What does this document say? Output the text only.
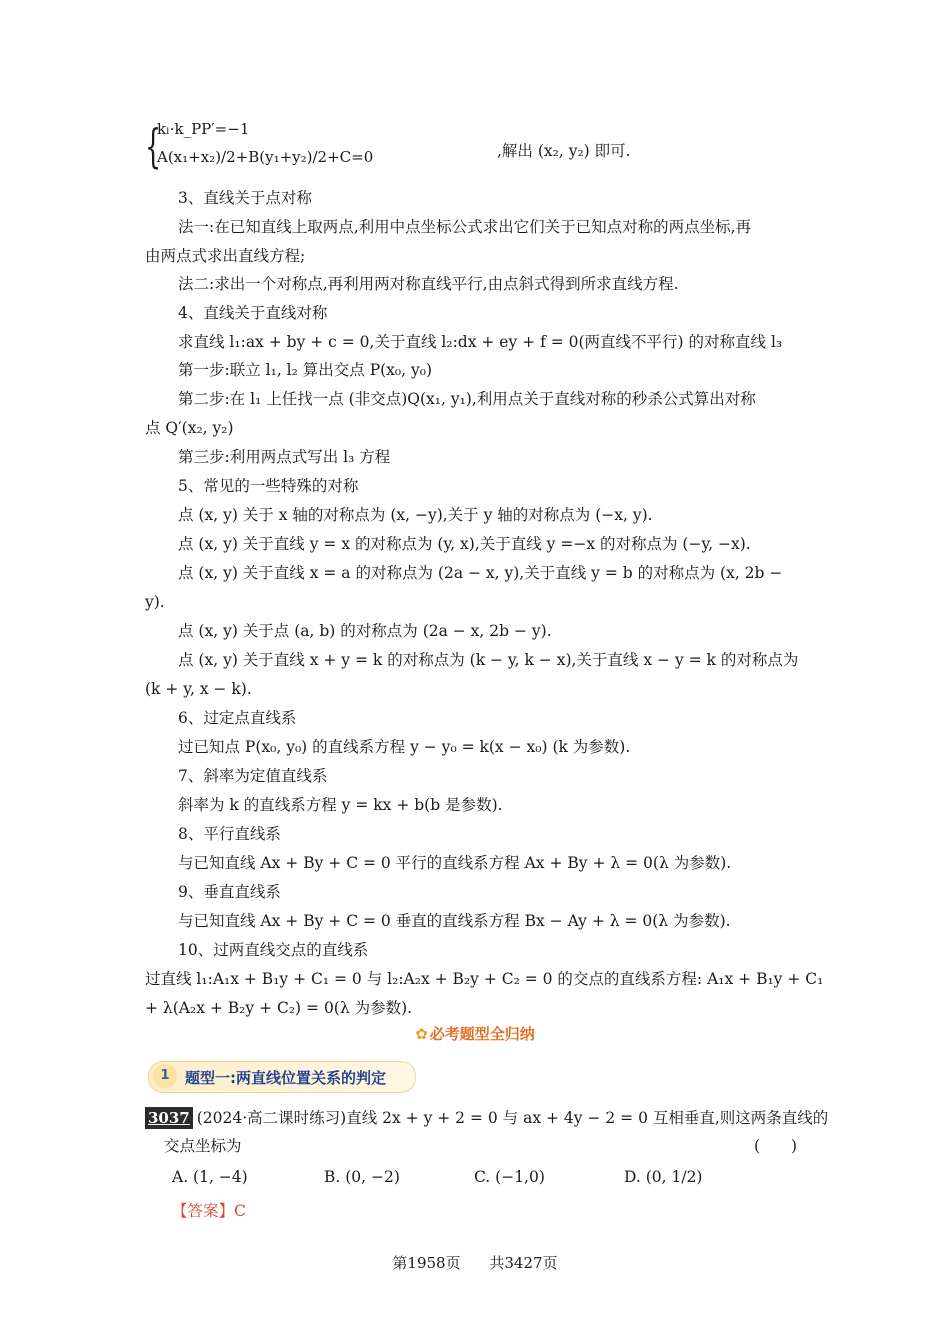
{
kₗ·k_PP′=−1
A(x₁+x₂)/2+B(y₁+y₂)/2+C=0	,解出 (x₂, y₂) 即可.
3、直线关于点对称
法一:在已知直线上取两点,利用中点坐标公式求出它们关于已知点对称的两点坐标,再
由两点式求出直线方程;
法二:求出一个对称点,再利用两对称直线平行,由点斜式得到所求直线方程.
4、直线关于直线对称
求直线 l₁:ax + by + c = 0,关于直线 l₂:dx + ey + f = 0(两直线不平行) 的对称直线 l₃
第一步:联立 l₁, l₂ 算出交点 P(x₀, y₀)
第二步:在 l₁ 上任找一点 (非交点)Q(x₁, y₁),利用点关于直线对称的秒杀公式算出对称
点 Q′(x₂, y₂)
第三步:利用两点式写出 l₃ 方程
5、常见的一些特殊的对称
点 (x, y) 关于 x 轴的对称点为 (x, −y),关于 y 轴的对称点为 (−x, y).
点 (x, y) 关于直线 y = x 的对称点为 (y, x),关于直线 y =−x 的对称点为 (−y, −x).
点 (x, y) 关于直线 x = a 的对称点为 (2a − x, y),关于直线 y = b 的对称点为 (x, 2b −
y).
点 (x, y) 关于点 (a, b) 的对称点为 (2a − x, 2b − y).
点 (x, y) 关于直线 x + y = k 的对称点为 (k − y, k − x),关于直线 x − y = k 的对称点为
(k + y, x − k).
6、过定点直线系
过已知点 P(x₀, y₀) 的直线系方程 y − y₀ = k(x − x₀) (k 为参数).
7、斜率为定值直线系
斜率为 k 的直线系方程 y = kx + b(b 是参数).
8、平行直线系
与已知直线 Ax + By + C = 0 平行的直线系方程 Ax + By + λ = 0(λ 为参数).
9、垂直直线系
与已知直线 Ax + By + C = 0 垂直的直线系方程 Bx − Ay + λ = 0(λ 为参数).
10、过两直线交点的直线系
过直线 l₁:A₁x + B₁y + C₁ = 0 与 l₂:A₂x + B₂y + C₂ = 0 的交点的直线系方程: A₁x + B₁y + C₁
+ λ(A₂x + B₂y + C₂) = 0(λ 为参数).
✿ 必考题型全归纳
1	题型一:两直线位置关系的判定
3037 (2024·高二课时练习)直线 2x + y + 2 = 0 与 ax + 4y − 2 = 0 互相垂直,则这两条直线的
交点坐标为	(　　)
A. (1, −4)	B. (0, −2)	C. (−1,0)	D. (0, 1/2)
【答案】C
第1958页 共3427页
